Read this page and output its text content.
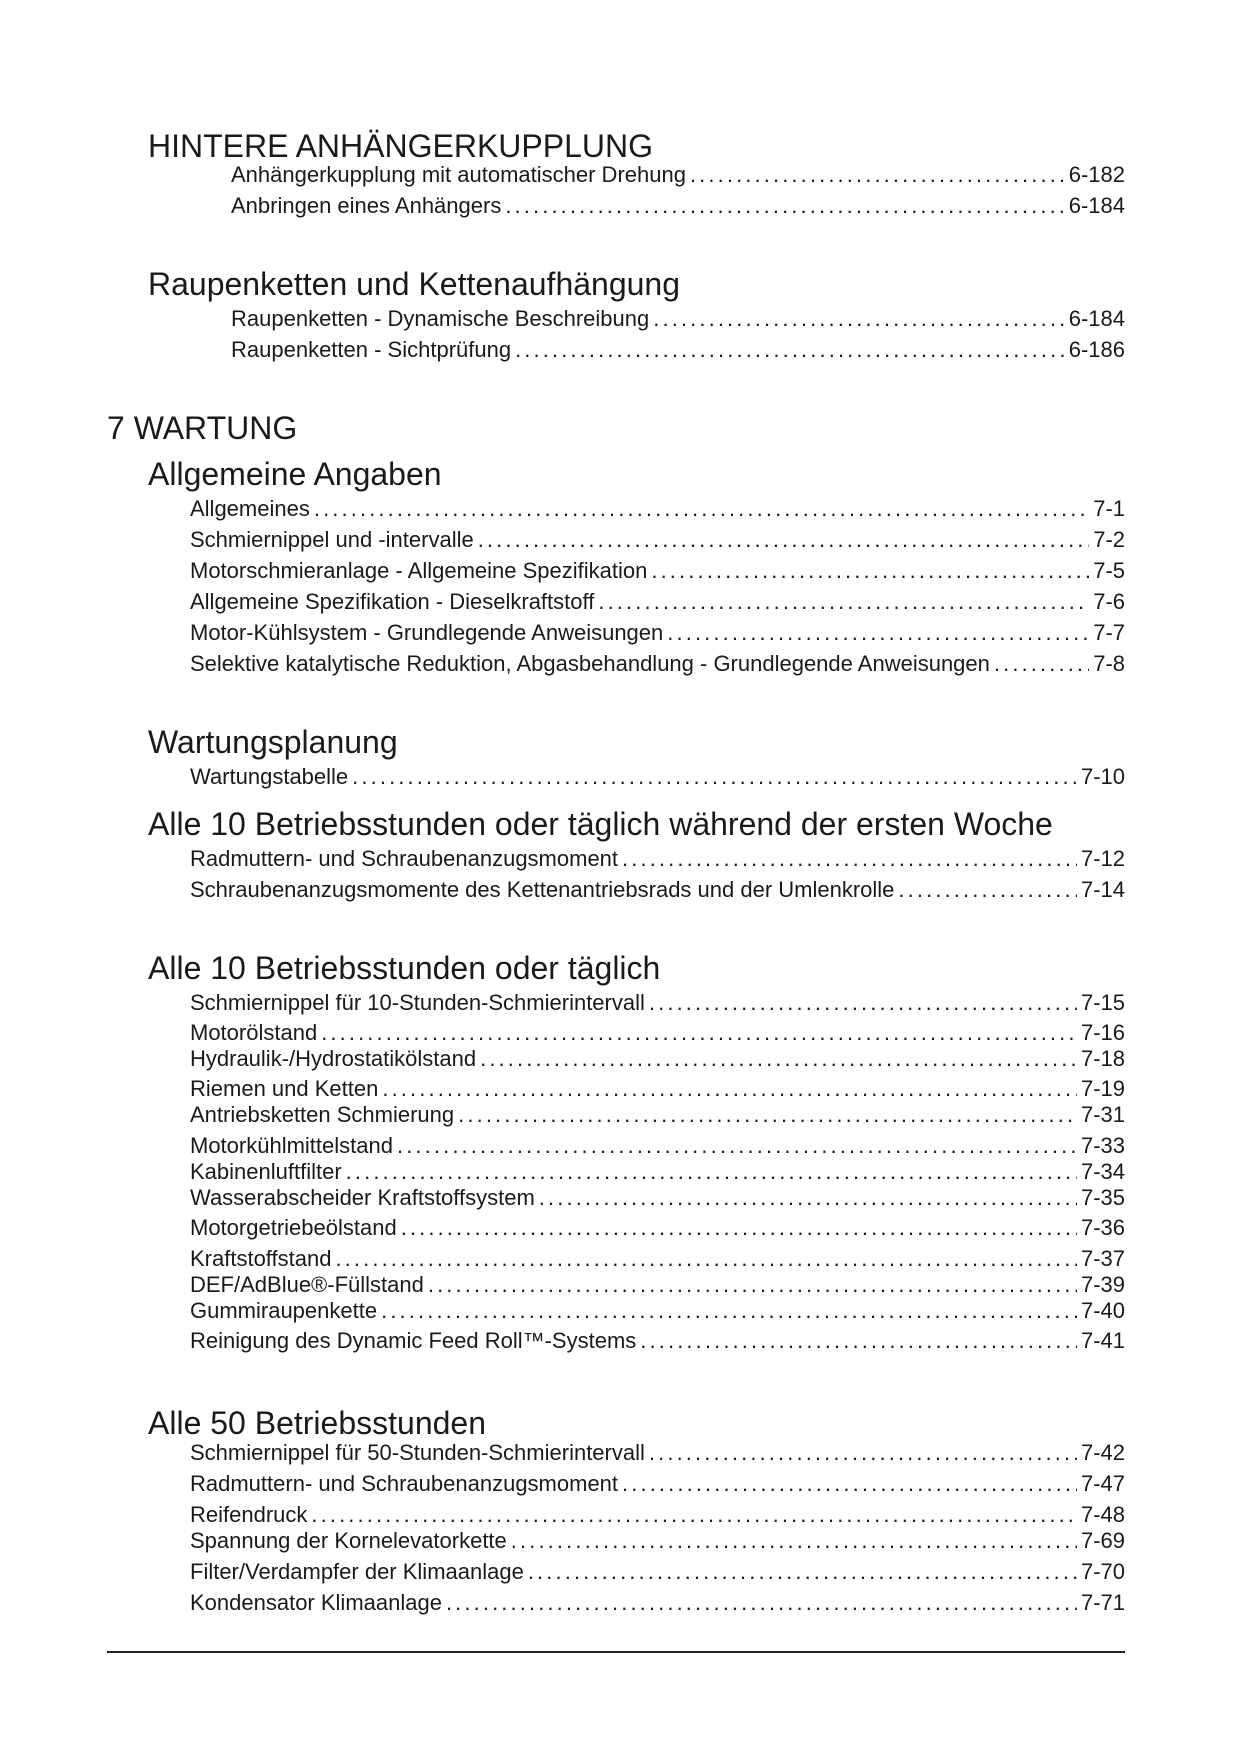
HINTERE ANHÄNGERKUPPLUNG
Anhängerkupplung mit automatischer Drehung . . .	6-182
Anbringen eines Anhängers . . .	6-184
Raupenketten und Kettenaufhängung
Raupenketten - Dynamische Beschreibung . . .	6-184
Raupenketten - Sichtprüfung . . .	6-186
7 WARTUNG
Allgemeine Angaben
Allgemeines . . .	7-1
Schmiernippel und -intervalle . . .	7-2
Motorschmieranlage - Allgemeine Spezifikation . . .	7-5
Allgemeine Spezifikation - Dieselkraftstoff . . .	7-6
Motor-Kühlsystem - Grundlegende Anweisungen . . .	7-7
Selektive katalytische Reduktion, Abgasbehandlung - Grundlegende Anweisungen . . .	7-8
Wartungsplanung
Wartungstabelle . . .	7-10
Alle 10 Betriebsstunden oder täglich während der ersten Woche
Radmuttern- und Schraubenanzugsmoment . . .	7-12
Schraubenanzugsmomente des Kettenantriebsrads und der Umlenkrolle . . .	7-14
Alle 10 Betriebsstunden oder täglich
Schmiernippel für 10-Stunden-Schmierintervall . . .	7-15
Motorölstand . . .	7-16
Hydraulik-/Hydrostatikölstand . . .	7-18
Riemen und Ketten . . .	7-19
Antriebsketten Schmierung . . .	7-31
Motorkühlmittelstand . . .	7-33
Kabinenluftfilter . . .	7-34
Wasserabscheider Kraftstoffsystem . . .	7-35
Motorgetriebeölstand . . .	7-36
Kraftstoffstand . . .	7-37
DEF/AdBlue®-Füllstand . . .	7-39
Gummiraupenkette . . .	7-40
Reinigung des Dynamic Feed Roll™-Systems . . .	7-41
Alle 50 Betriebsstunden
Schmiernippel für 50-Stunden-Schmierintervall . . .	7-42
Radmuttern- und Schraubenanzugsmoment . . .	7-47
Reifendruck . . .	7-48
Spannung der Kornelevatorkette . . .	7-69
Filter/Verdampfer der Klimaanlage . . .	7-70
Kondensator Klimaanlage . . .	7-71
